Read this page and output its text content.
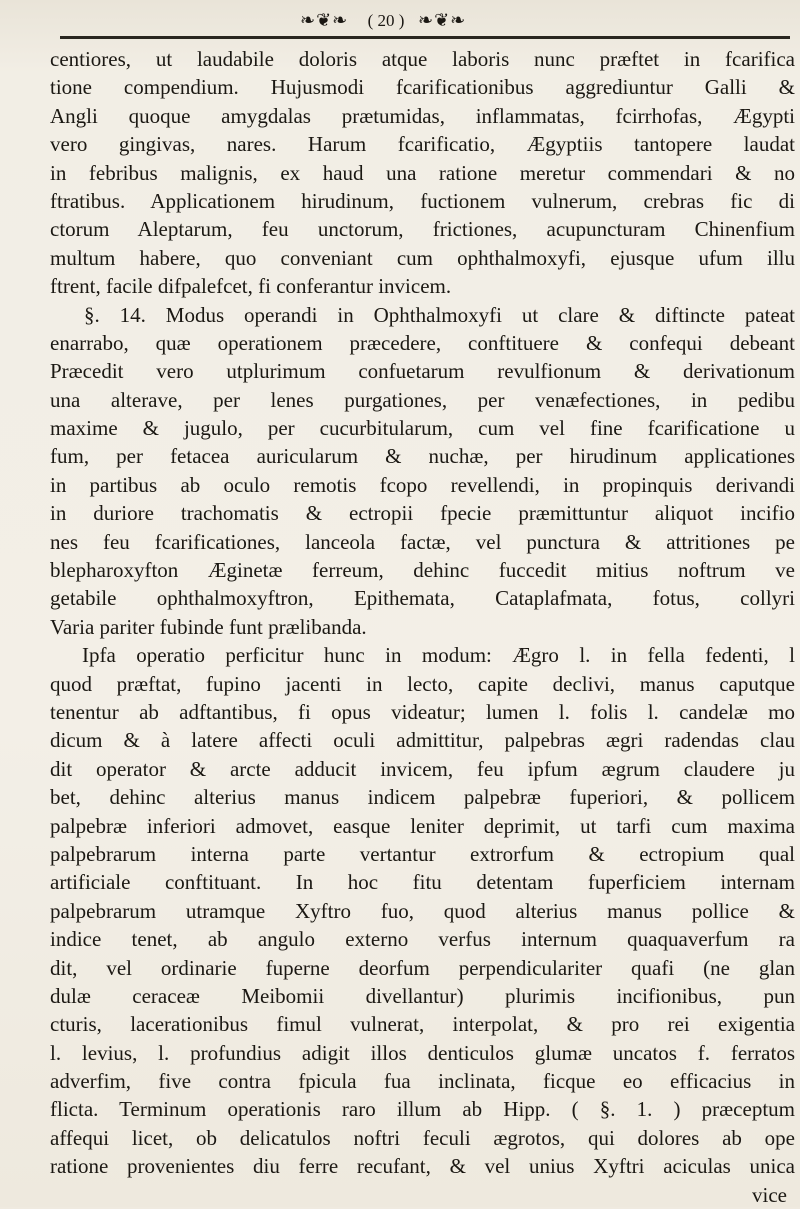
❧❦❧	( 20 ) ❧❦❧
centiores, ut laudabile doloris atque laboris nunc præftet in fcarifica
tione compendium. Hujusmodi fcarificationibus aggrediuntur Galli &
Angli quoque amygdalas prætumidas, inflammatas, fcirrhofas, Ægypti
vero gingivas, nares. Harum fcarificatio, Ægyptiis tantopere laudat
in febribus malignis, ex haud una ratione meretur commendari & no
ftratibus. Applicationem hirudinum, fuctionem vulnerum, crebras fic di
ctorum Aleptarum, feu unctorum, frictiones, acupuncturam Chinenfium
multum habere, quo conveniant cum ophthalmoxyfi, ejusque ufum illu
ftrent, facile difpalefcet, fi conferantur invicem.
§. 14. Modus operandi in Ophthalmoxyfi ut clare & diftincte pateat
enarrabo, quæ operationem præcedere, conftituere & confequi debeant
Præcedit vero utplurimum confuetarum revulfionum & derivationum
una alterave, per lenes purgationes, per venæfectiones, in pedibu
maxime & jugulo, per cucurbitularum, cum vel fine fcarificatione u
fum, per fetacea auricularum & nuchæ, per hirudinum applicationes
in partibus ab oculo remotis fcopo revellendi, in propinquis derivandi
in duriore trachomatis & ectropii fpecie præmittuntur aliquot incifio
nes feu fcarificationes, lanceola factæ, vel punctura & attritiones pe
blepharoxyfton Æginetæ ferreum, dehinc fuccedit mitius noftrum ve
getabile ophthalmoxyftron, Epithemata, Cataplafmata, fotus, collyri
Varia pariter fubinde funt prælibanda.
Ipfa operatio perficitur hunc in modum: Ægro l. in fella fedenti, l
quod præftat, fupino jacenti in lecto, capite declivi, manus caputque
tenentur ab adftantibus, fi opus videatur; lumen l. folis l. candelæ mo
dicum & à latere affecti oculi admittitur, palpebras ægri radendas clau
dit operator & arcte adducit invicem, feu ipfum ægrum claudere ju
bet, dehinc alterius manus indicem palpebræ fuperiori, & pollicem
palpebræ inferiori admovet, easque leniter deprimit, ut tarfi cum maxima
palpebrarum interna parte vertantur extrorfum & ectropium qual
artificiale conftituant. In hoc fitu detentam fuperficiem internam
palpebrarum utramque Xyftro fuo, quod alterius manus pollice &
indice tenet, ab angulo externo verfus internum quaquaverfum ra
dit, vel ordinarie fuperne deorfum perpendiculariter quafi (ne glan
dulæ ceraceæ Meibomii divellantur) plurimis incifionibus, pun
cturis, lacerationibus fimul vulnerat, interpolat, & pro rei exigentia
l. levius, l. profundius adigit illos denticulos glumæ uncatos f. ferratos
adverfim, five contra fpicula fua inclinata, ficque eo efficacius in
flicta. Terminum operationis raro illum ab Hipp. ( §. 1. ) præceptum
affequi licet, ob delicatulos noftri feculi ægrotos, qui dolores ab ope
ratione provenientes diu ferre recufant, & vel unius Xyftri aciculas unica
vice
